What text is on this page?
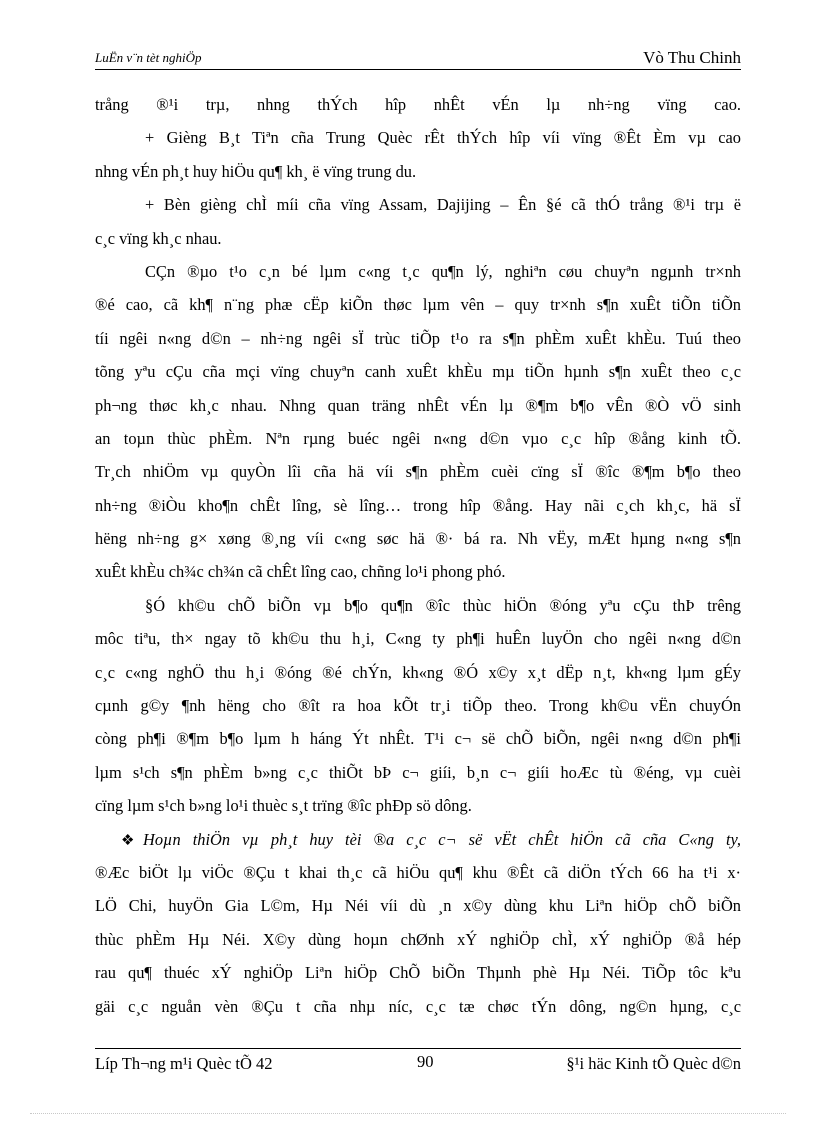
LuËn v¨n tèt nghiÖp	Vò Thu Chinh
trång ®¹i trµ, nhng thÝch hîp nhÊt vÉn lµ nh÷ng vïng cao.
+ Gièng B¸t Tiªn cña Trung Quèc rÊt thÝch hîp víi vïng ®Êt Èm vµ cao
nhng vÉn ph¸t huy hiÖu qu¶ kh¸ ë vïng trung du.
+ Bèn gièng chÌ míi cña vïng Assam, Dajijing – Ên §é cã thÓ trång ®¹i trµ ë
c¸c vïng kh¸c nhau.
CÇn ®µo t¹o c¸n bé lµm c«ng t¸c qu¶n lý, nghiªn cøu chuyªn ngµnh tr×nh
®é cao, cã kh¶ n¨ng phæ cËp kiÕn thøc lµm vên – quy tr×nh s¶n xuÊt tiÕn tiÕn
tíi ngêi n«ng d©n – nh÷ng ngêi sÏ trùc tiÕp t¹o ra s¶n phÈm xuÊt khÈu. Tuú theo
tõng yªu cÇu cña mçi vïng chuyªn canh xuÊt khÈu mµ tiÕn hµnh s¶n xuÊt theo c¸c
ph¬ng thøc kh¸c nhau. Nhng quan träng nhÊt vÉn lµ ®¶m b¶o vÊn ®Ò vÖ sinh
an toµn thùc phÈm. Nªn rµng buéc ngêi n«ng d©n vµo c¸c hîp ®ång kinh tÕ.
Tr¸ch nhiÖm vµ quyÒn lîi cña hä víi s¶n phÈm cuèi cïng sÏ ®îc ®¶m b¶o theo
nh÷ng ®iÒu kho¶n chÊt lîng, sè lîng… trong hîp ®ång. Hay nãi c¸ch kh¸c, hä sÏ
hëng nh÷ng g× xøng ®¸ng víi c«ng søc hä ®· bá ra. Nh vËy, mÆt hµng n«ng s¶n
xuÊt khÈu ch¾c ch¾n cã chÊt lîng cao, chñng lo¹i phong phó.
§Ó kh©u chÕ biÕn vµ b¶o qu¶n ®îc thùc hiÖn ®óng yªu cÇu thÞ trêng
môc tiªu, th× ngay tõ kh©u thu h¸i, C«ng ty ph¶i huÊn luyÖn cho ngêi n«ng d©n
c¸c c«ng nghÖ thu h¸i ®óng ®é chÝn, kh«ng ®Ó x©y x¸t dËp n¸t, kh«ng lµm gÉy
cµnh g©y ¶nh hëng cho ®ît ra hoa kÕt tr¸i tiÕp theo. Trong kh©u vËn chuyÓn
còng ph¶i ®¶m b¶o lµm h háng Ýt nhÊt. T¹i c¬ së chÕ biÕn, ngêi n«ng d©n ph¶i
lµm s¹ch s¶n phÈm b»ng c¸c thiÕt bÞ c¬ giíi, b¸n c¬ giíi hoÆc tù ®éng, vµ cuèi
cïng lµm s¹ch b»ng lo¹i thuèc s¸t trïng ®îc phÐp sö dông.
❖ Hoµn thiÖn vµ ph¸t huy tèi ®a c¸c c¬ së vËt chÊt hiÖn cã cña C«ng ty,
®Æc biÖt lµ viÖc ®Çu t khai th¸c cã hiÖu qu¶ khu ®Êt cã diÖn tÝch 66 ha t¹i x·
LÖ Chi, huyÖn Gia L©m, Hµ Néi víi dù ¸n x©y dùng khu Liªn hiÖp chÕ biÕn
thùc phÈm Hµ Néi. X©y dùng hoµn chØnh xÝ nghiÖp chÌ, xÝ nghiÖp ®å hép
rau qu¶ thuéc xÝ nghiÖp Liªn hiÖp ChÕ biÕn Thµnh phè Hµ Néi. TiÕp tôc kªu
gäi c¸c nguån vèn ®Çu t cña nhµ níc, c¸c tæ chøc tÝn dông, ng©n hµng, c¸c
Líp Th¬ng m¹i Quèc tÕ 42	90	§¹i häc Kinh tÕ Quèc d©n
